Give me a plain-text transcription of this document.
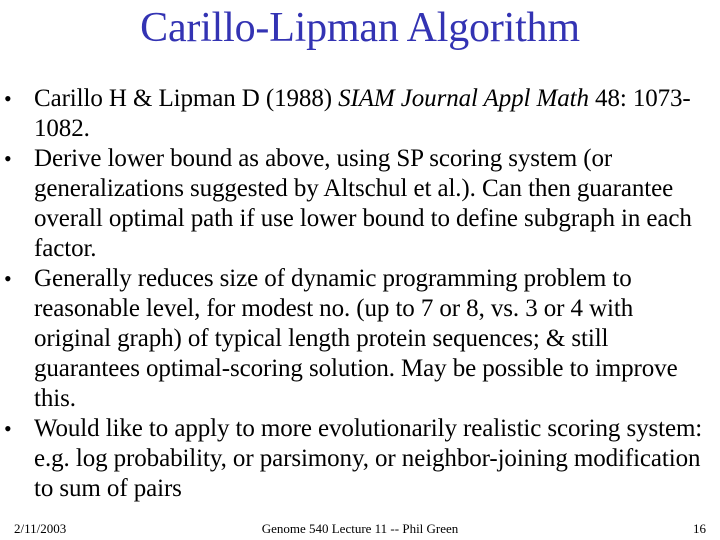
Carillo-Lipman Algorithm
• Carillo H & Lipman D (1988) SIAM Journal Appl Math 48: 1073-1082.
• Derive lower bound as above, using SP scoring system (or generalizations suggested by Altschul et al.). Can then guarantee overall optimal path if use lower bound to define subgraph in each factor.
• Generally reduces size of dynamic programming problem to reasonable level, for modest no. (up to 7 or 8, vs. 3 or 4 with original graph) of typical length protein sequences; & still guarantees optimal-scoring solution. May be possible to improve this.
• Would like to apply to more evolutionarily realistic scoring system: e.g. log probability, or parsimony, or neighbor-joining modification to sum of pairs
2/11/2003	Genome 540 Lecture 11 -- Phil Green	16
